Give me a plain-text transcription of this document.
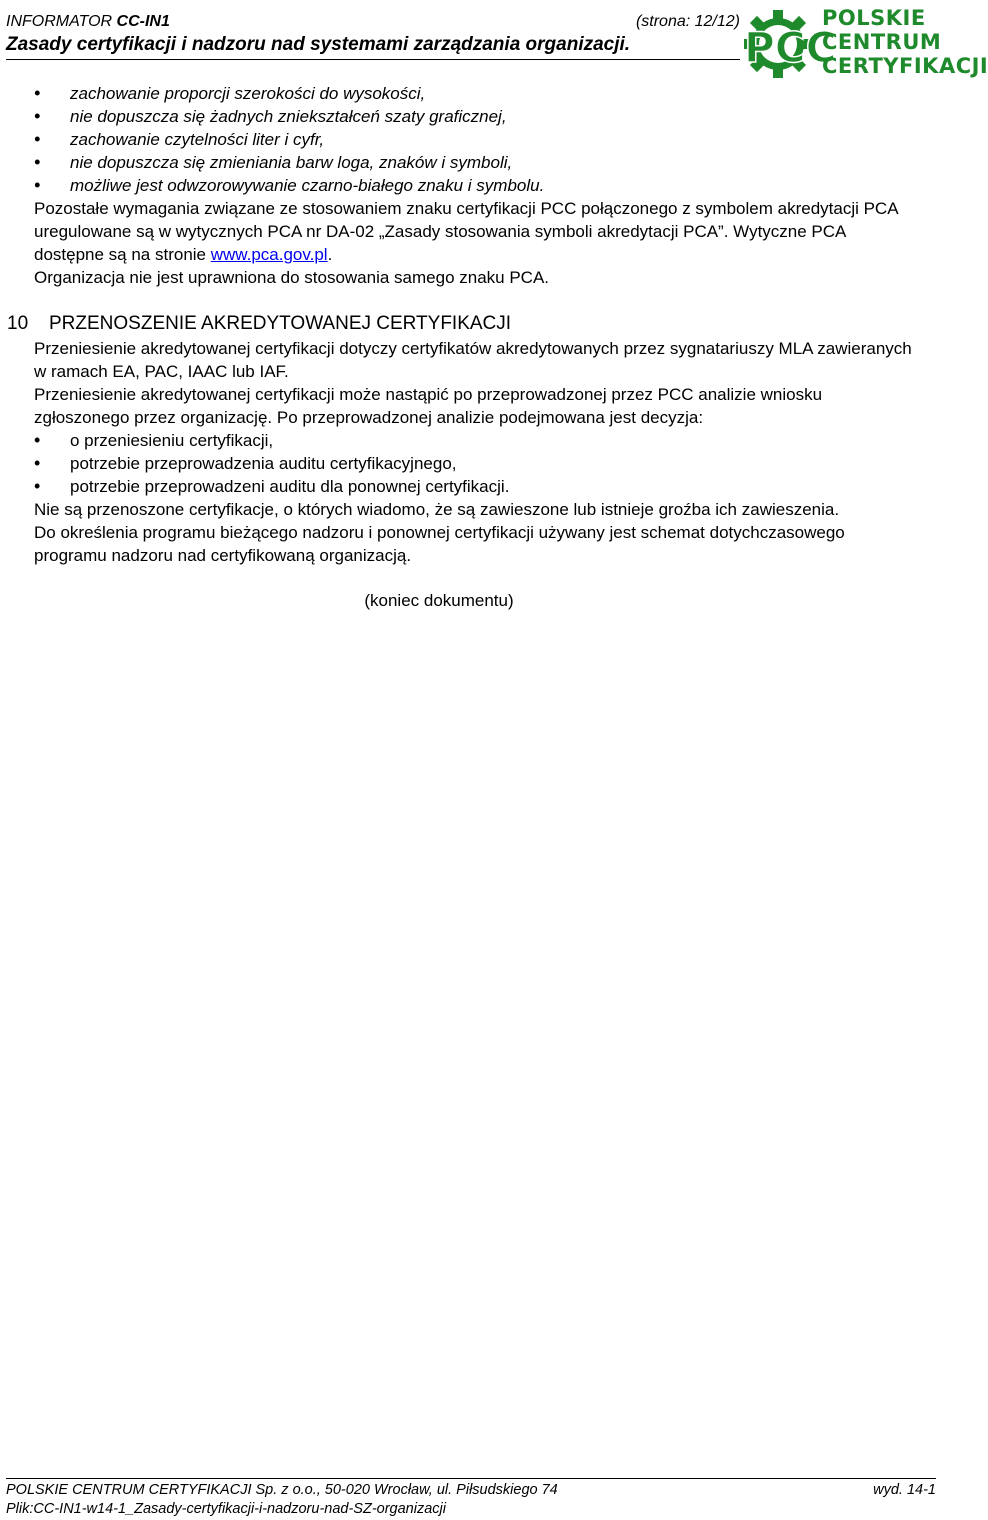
INFORMATOR CC-IN1	(strona: 12/12)
Zasady certyfikacji i nadzoru nad systemami zarządzania organizacji.	PCC
POLSKIE
CENTRUM
CERTYFIKACJI
• zachowanie proporcji szerokości do wysokości,
• nie dopuszcza się żadnych zniekształceń szaty graficznej,
• zachowanie czytelności liter i cyfr,
• nie dopuszcza się zmieniania barw loga, znaków i symboli,
• możliwe jest odwzorowywanie czarno-białego znaku i symbolu.

Pozostałe wymagania związane ze stosowaniem znaku certyfikacji PCC połączonego z symbolem akredytacji PCA uregulowane są w wytycznych PCA nr DA-02 „Zasady stosowania symboli akredytacji PCA”. Wytyczne PCA dostępne są na stronie www.pca.gov.pl.

Organizacja nie jest uprawniona do stosowania samego znaku PCA.

10 PRZENOSZENIE AKREDYTOWANEJ CERTYFIKACJI

Przeniesienie akredytowanej certyfikacji dotyczy certyfikatów akredytowanych przez sygnatariuszy MLA zawieranych w ramach EA, PAC, IAAC lub IAF.

Przeniesienie akredytowanej certyfikacji może nastąpić po przeprowadzonej przez PCC analizie wniosku zgłoszonego przez organizację. Po przeprowadzonej analizie podejmowana jest decyzja:

• o przeniesieniu certyfikacji,
• potrzebie przeprowadzenia auditu certyfikacyjnego,
• potrzebie przeprowadzeni auditu dla ponownej certyfikacji.

Nie są przenoszone certyfikacje, o których wiadomo, że są zawieszone lub istnieje groźba ich zawieszenia.

Do określenia programu bieżącego nadzoru i ponownej certyfikacji używany jest schemat dotychczasowego programu nadzoru nad certyfikowaną organizacją.

(koniec dokumentu)

POLSKIE CENTRUM CERTYFIKACJI Sp. z o.o., 50-020 Wrocław, ul. Piłsudskiego 74	wyd. 14-1
Plik:CC-IN1-w14-1_Zasady-certyfikacji-i-nadzoru-nad-SZ-organizacji
